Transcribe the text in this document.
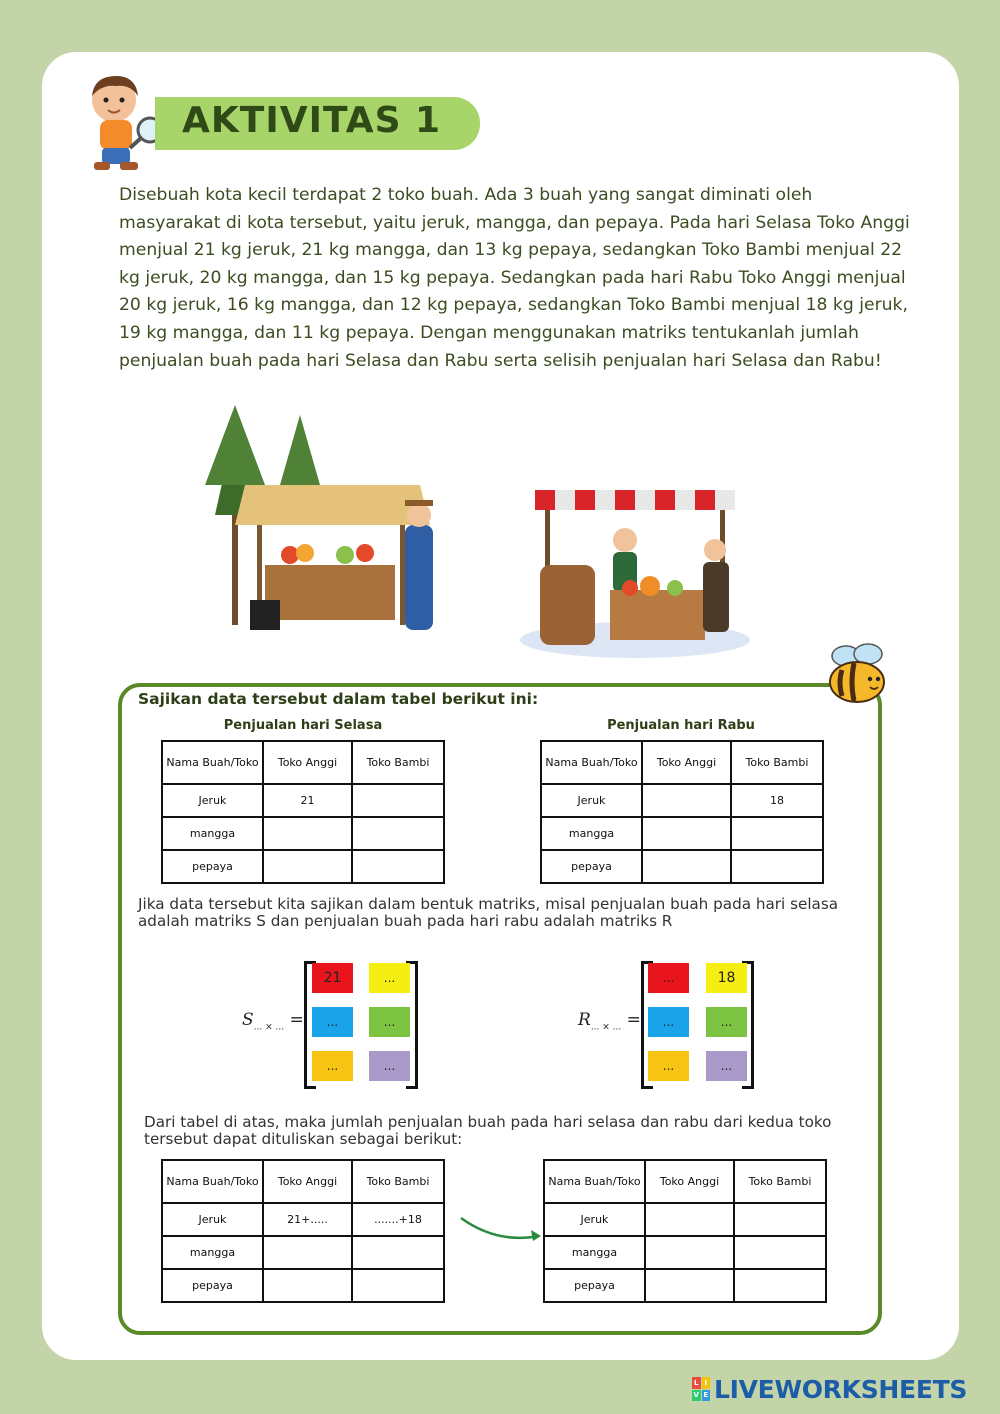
AKTIVITAS 1

Disebuah kota kecil terdapat 2 toko buah. Ada 3 buah yang sangat diminati oleh masyarakat di kota tersebut, yaitu jeruk, mangga, dan pepaya. Pada hari Selasa Toko Anggi menjual 21 kg jeruk, 21 kg mangga, dan 13 kg pepaya, sedangkan Toko Bambi menjual 22 kg jeruk, 20 kg mangga, dan 15 kg pepaya. Sedangkan pada hari Rabu Toko Anggi menjual 20 kg jeruk, 16 kg mangga, dan 12 kg pepaya, sedangkan Toko Bambi menjual 18 kg jeruk, 19 kg mangga, dan 11 kg pepaya. Dengan menggunakan matriks tentukanlah jumlah penjualan buah pada hari Selasa dan Rabu serta selisih penjualan hari Selasa dan Rabu!

Sajikan data tersebut dalam tabel berikut ini:
Penjualan hari Selasa	Penjualan hari Rabu
Nama Buah/Toko	Toko Anggi	Toko Bambi
Jeruk	21	
mangga		
pepaya		
Nama Buah/Toko	Toko Anggi	Toko Bambi
Jeruk		18
mangga		
pepaya		

Jika data tersebut kita sajikan dalam bentuk matriks, misal penjualan buah pada hari selasa adalah matriks S dan penjualan buah pada hari rabu adalah matriks R

$S_{... \times ...}$ =
21	...
...	...
...	...
$R_{... \times ...}$ =
...	18
...	...
...	...

Dari tabel di atas, maka jumlah penjualan buah pada hari selasa dan rabu dari kedua toko tersebut dapat dituliskan sebagai berikut:

Nama Buah/Toko	Toko Anggi	Toko Bambi
Jeruk	21+.....	.......+18
mangga		
pepaya		
Nama Buah/Toko	Toko Anggi	Toko Bambi
Jeruk		
mangga		
pepaya		
L I
V E LIVEWORKSHEETS
